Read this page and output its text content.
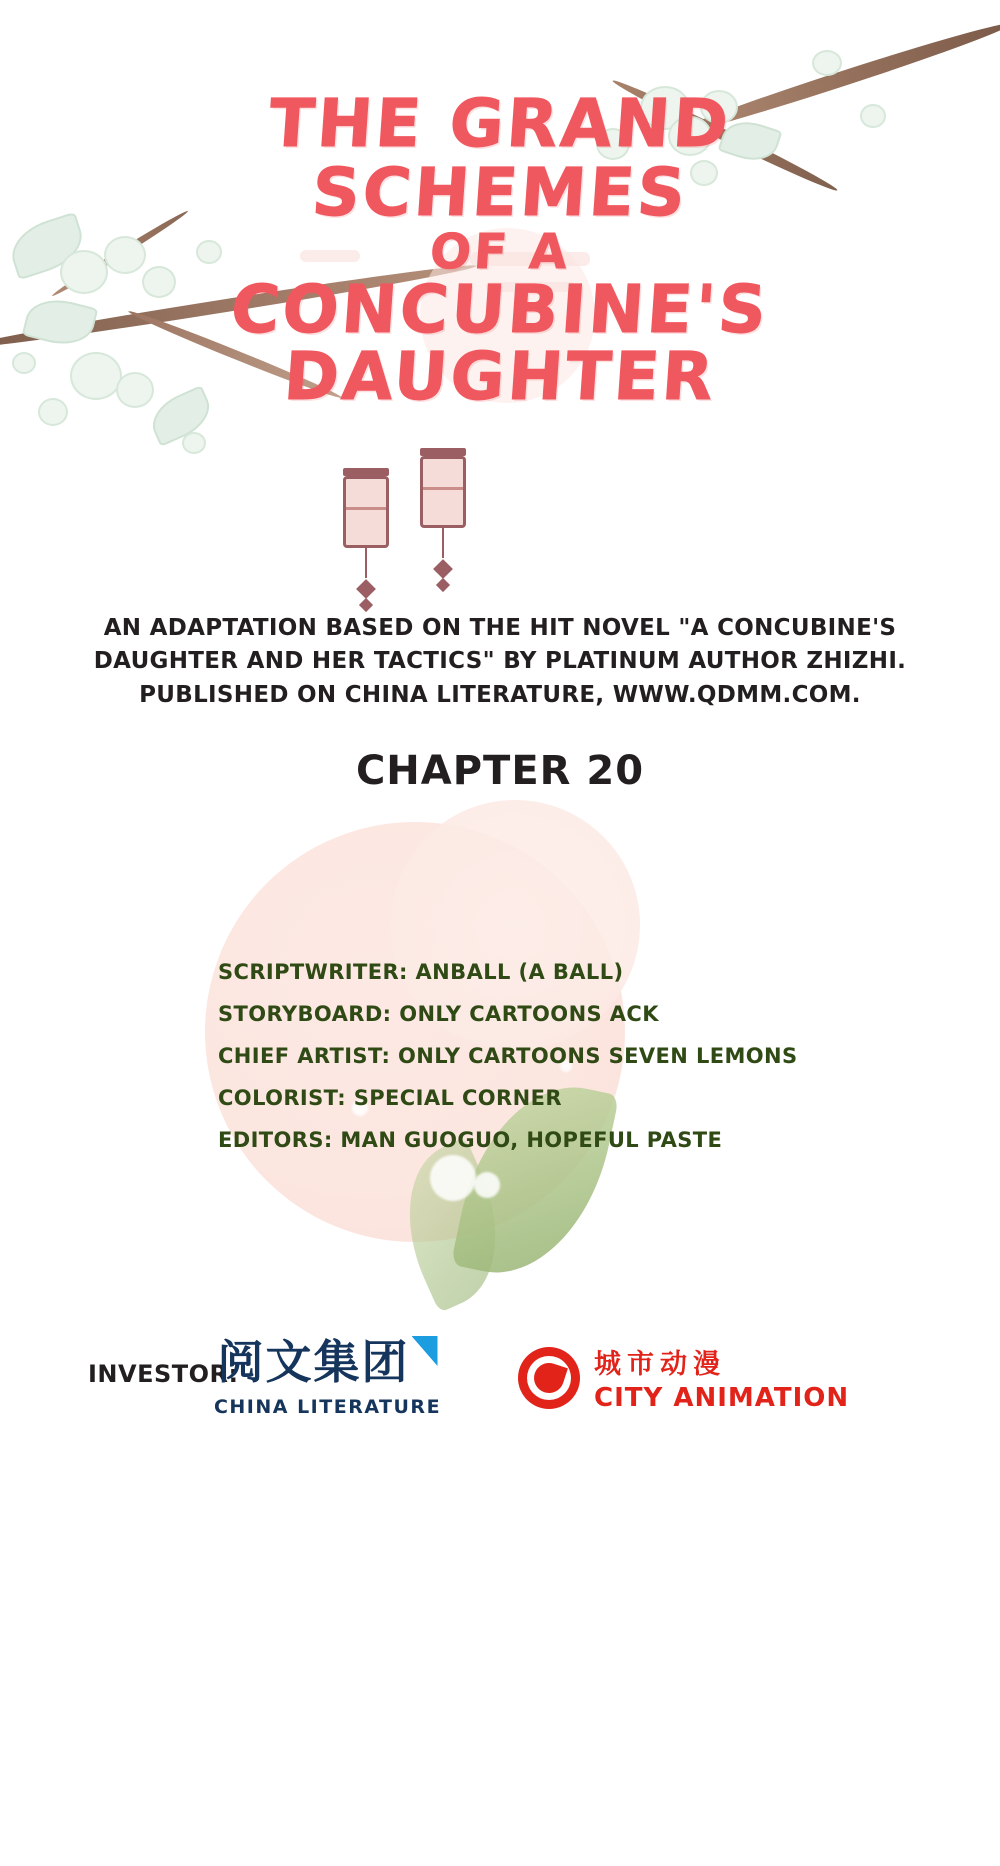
THE GRAND
SCHEMES
OF A
CONCUBINE'S
DAUGHTER
AN ADAPTATION BASED ON THE HIT NOVEL "A CONCUBINE'S DAUGHTER AND HER TACTICS" BY PLATINUM AUTHOR ZHIZHI. PUBLISHED ON CHINA LITERATURE, WWW.QDMM.COM.
CHAPTER 20
SCRIPTWRITER: ANBALL (A BALL)
STORYBOARD: ONLY CARTOONS ACK
CHIEF ARTIST: ONLY CARTOONS SEVEN LEMONS
COLORIST: SPECIAL CORNER
EDITORS: MAN GUOGUO, HOPEFUL PASTE
INVESTOR:
阅文集团
CHINA LITERATURE
城市动漫
CITY ANIMATION
